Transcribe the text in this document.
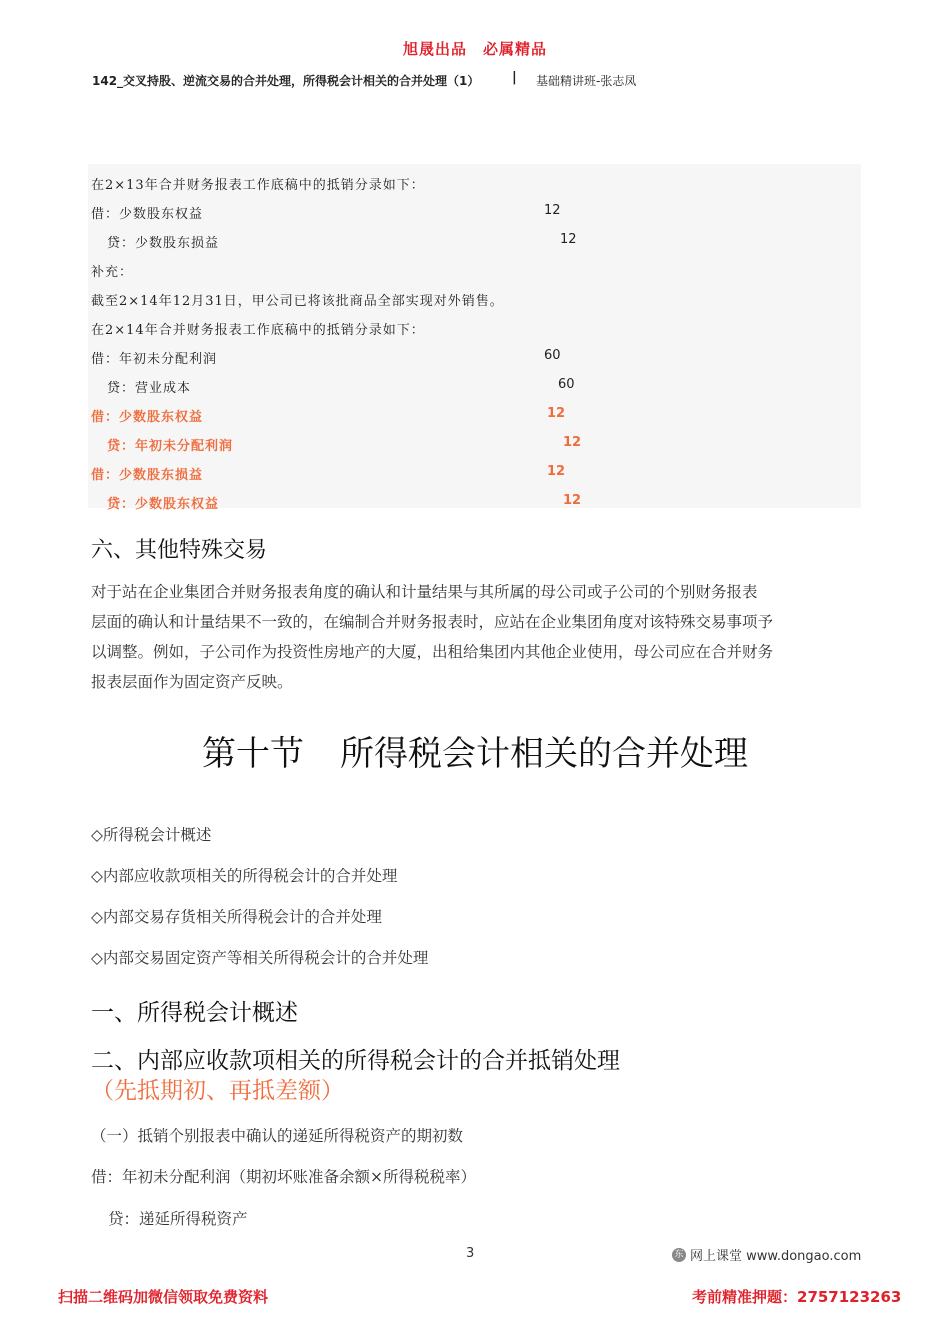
旭晟出品　必属精品
142_交叉持股、逆流交易的合并处理，所得税会计相关的合并处理（1）	| 基础精讲班-张志凤
在2×13年合并财务报表工作底稿中的抵销分录如下：
借：少数股东权益	12
贷：少数股东损益	12
补充：
截至2×14年12月31日，甲公司已将该批商品全部实现对外销售。
在2×14年合并财务报表工作底稿中的抵销分录如下：
借：年初未分配利润	60
贷：营业成本	60
借：少数股东权益	12
贷：年初未分配利润	12
借：少数股东损益	12
贷：少数股东权益	12
六、其他特殊交易
对于站在企业集团合并财务报表角度的确认和计量结果与其所属的母公司或子公司的个别财务报表
层面的确认和计量结果不一致的，在编制合并财务报表时，应站在企业集团角度对该特殊交易事项予
以调整。例如，子公司作为投资性房地产的大厦，出租给集团内其他企业使用，母公司应在合并财务
报表层面作为固定资产反映。
第十节 所得税会计相关的合并处理
◇所得税会计概述
◇内部应收款项相关的所得税会计的合并处理
◇内部交易存货相关所得税会计的合并处理
◇内部交易固定资产等相关所得税会计的合并处理
一、所得税会计概述
二、内部应收款项相关的所得税会计的合并抵销处理（先抵期初、再抵差额）
（一）抵销个别报表中确认的递延所得税资产的期初数
借：年初未分配利润（期初坏账准备余额×所得税税率）
贷：递延所得税资产
3	东 网上课堂 www.dongao.com
扫描二维码加微信领取免费资料	考前精准押题：2757123263
